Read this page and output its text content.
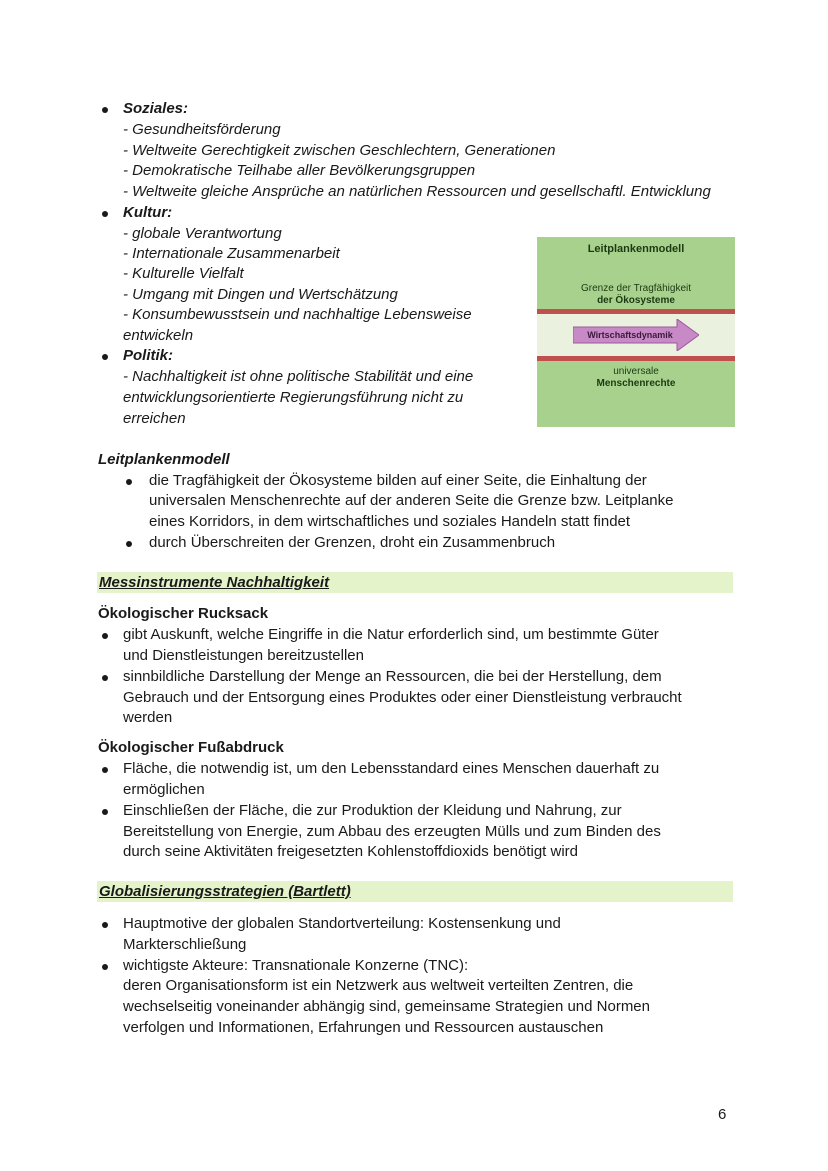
Soziales:
- Gesundheitsförderung
- Weltweite Gerechtigkeit zwischen Geschlechtern, Generationen
- Demokratische Teilhabe aller Bevölkerungsgruppen
- Weltweite gleiche Ansprüche an natürlichen Ressourcen und gesellschaftl. Entwicklung
Kultur:
- globale Verantwortung
- Internationale Zusammenarbeit
- Kulturelle Vielfalt
- Umgang mit Dingen und Wertschätzung
- Konsumbewusstsein und nachhaltige Lebensweise
entwickeln
Politik:
- Nachhaltigkeit ist ohne politische Stabilität und eine
entwicklungsorientierte Regierungsführung nicht zu
erreichen
Leitplankenmodell
Grenze der Tragfähigkeit
der Ökosysteme
Wirtschaftsdynamik
universale
Menschenrechte
Leitplankenmodell
die Tragfähigkeit der Ökosysteme bilden auf einer Seite, die Einhaltung der
universalen Menschenrechte auf der anderen Seite die Grenze bzw. Leitplanke
eines Korridors, in dem wirtschaftliches und soziales Handeln statt findet
durch Überschreiten der Grenzen, droht ein Zusammenbruch
Messinstrumente Nachhaltigkeit
Ökologischer Rucksack
gibt Auskunft, welche Eingriffe in die Natur erforderlich sind, um bestimmte Güter
und Dienstleistungen bereitzustellen
sinnbildliche Darstellung der Menge an Ressourcen, die bei der Herstellung, dem
Gebrauch und der Entsorgung eines Produktes oder einer Dienstleistung verbraucht
werden
Ökologischer Fußabdruck
Fläche, die notwendig ist, um den Lebensstandard eines Menschen dauerhaft zu
ermöglichen
Einschließen der Fläche, die zur Produktion der Kleidung und Nahrung, zur
Bereitstellung von Energie, zum Abbau des erzeugten Mülls und zum Binden des
durch seine Aktivitäten freigesetzten Kohlenstoffdioxids benötigt wird
Globalisierungsstrategien (Bartlett)
Hauptmotive der globalen Standortverteilung: Kostensenkung und
Markterschließung
wichtigste Akteure: Transnationale Konzerne (TNC):
deren Organisationsform ist ein Netzwerk aus weltweit verteilten Zentren, die
wechselseitig voneinander abhängig sind, gemeinsame Strategien und Normen
verfolgen und Informationen, Erfahrungen und Ressourcen austauschen
6
